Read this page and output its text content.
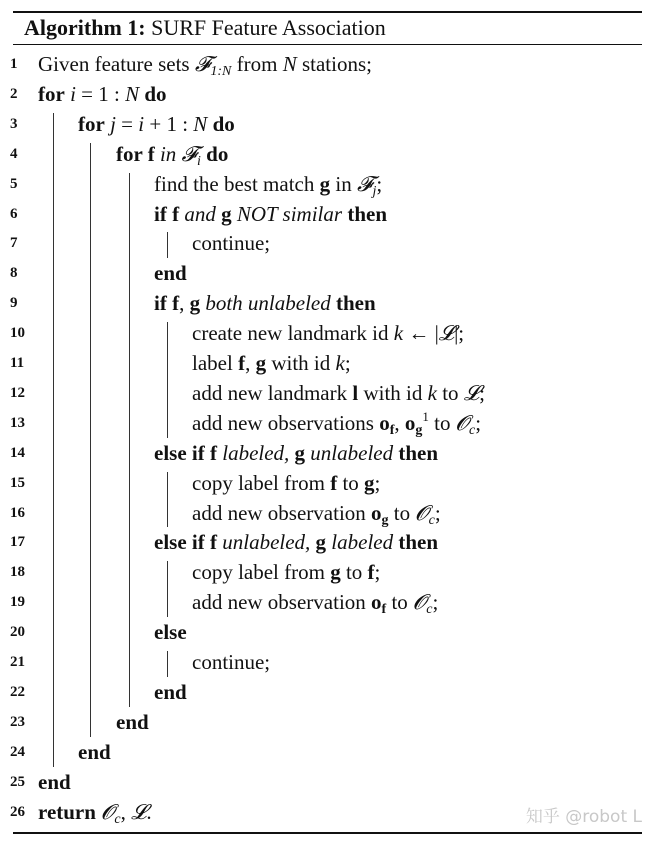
Algorithm 1: SURF Feature Association
1 Given feature sets 𝓕$_{1:N}$ from N stations;
2 for i = 1 : N do
3	for j = i + 1 : N do
4	for f in 𝓕$_i$ do
5	find the best match g in 𝓕$_j$;
6	if f and g NOT similar then
7	continue;
8	end
9	if f, g both unlabeled then
10	create new landmark id k ← |𝓛|;
11	label f, g with id k;
12	add new landmark l with id k to 𝓛;
13	add new observations $o_f$, $o_g^1$ to 𝓞$_c$;
14	else if f labeled, g unlabeled then
15	copy label from f to g;
16	add new observation $o_g$ to 𝓞$_c$;
17	else if f unlabeled, g labeled then
18	copy label from g to f;
19	add new observation $o_f$ to 𝓞$_c$;
20	else
21	continue;
22	end
23	end
24	end
25 end
26 return 𝓞$_c$, 𝓛.	知乎 @robot L
